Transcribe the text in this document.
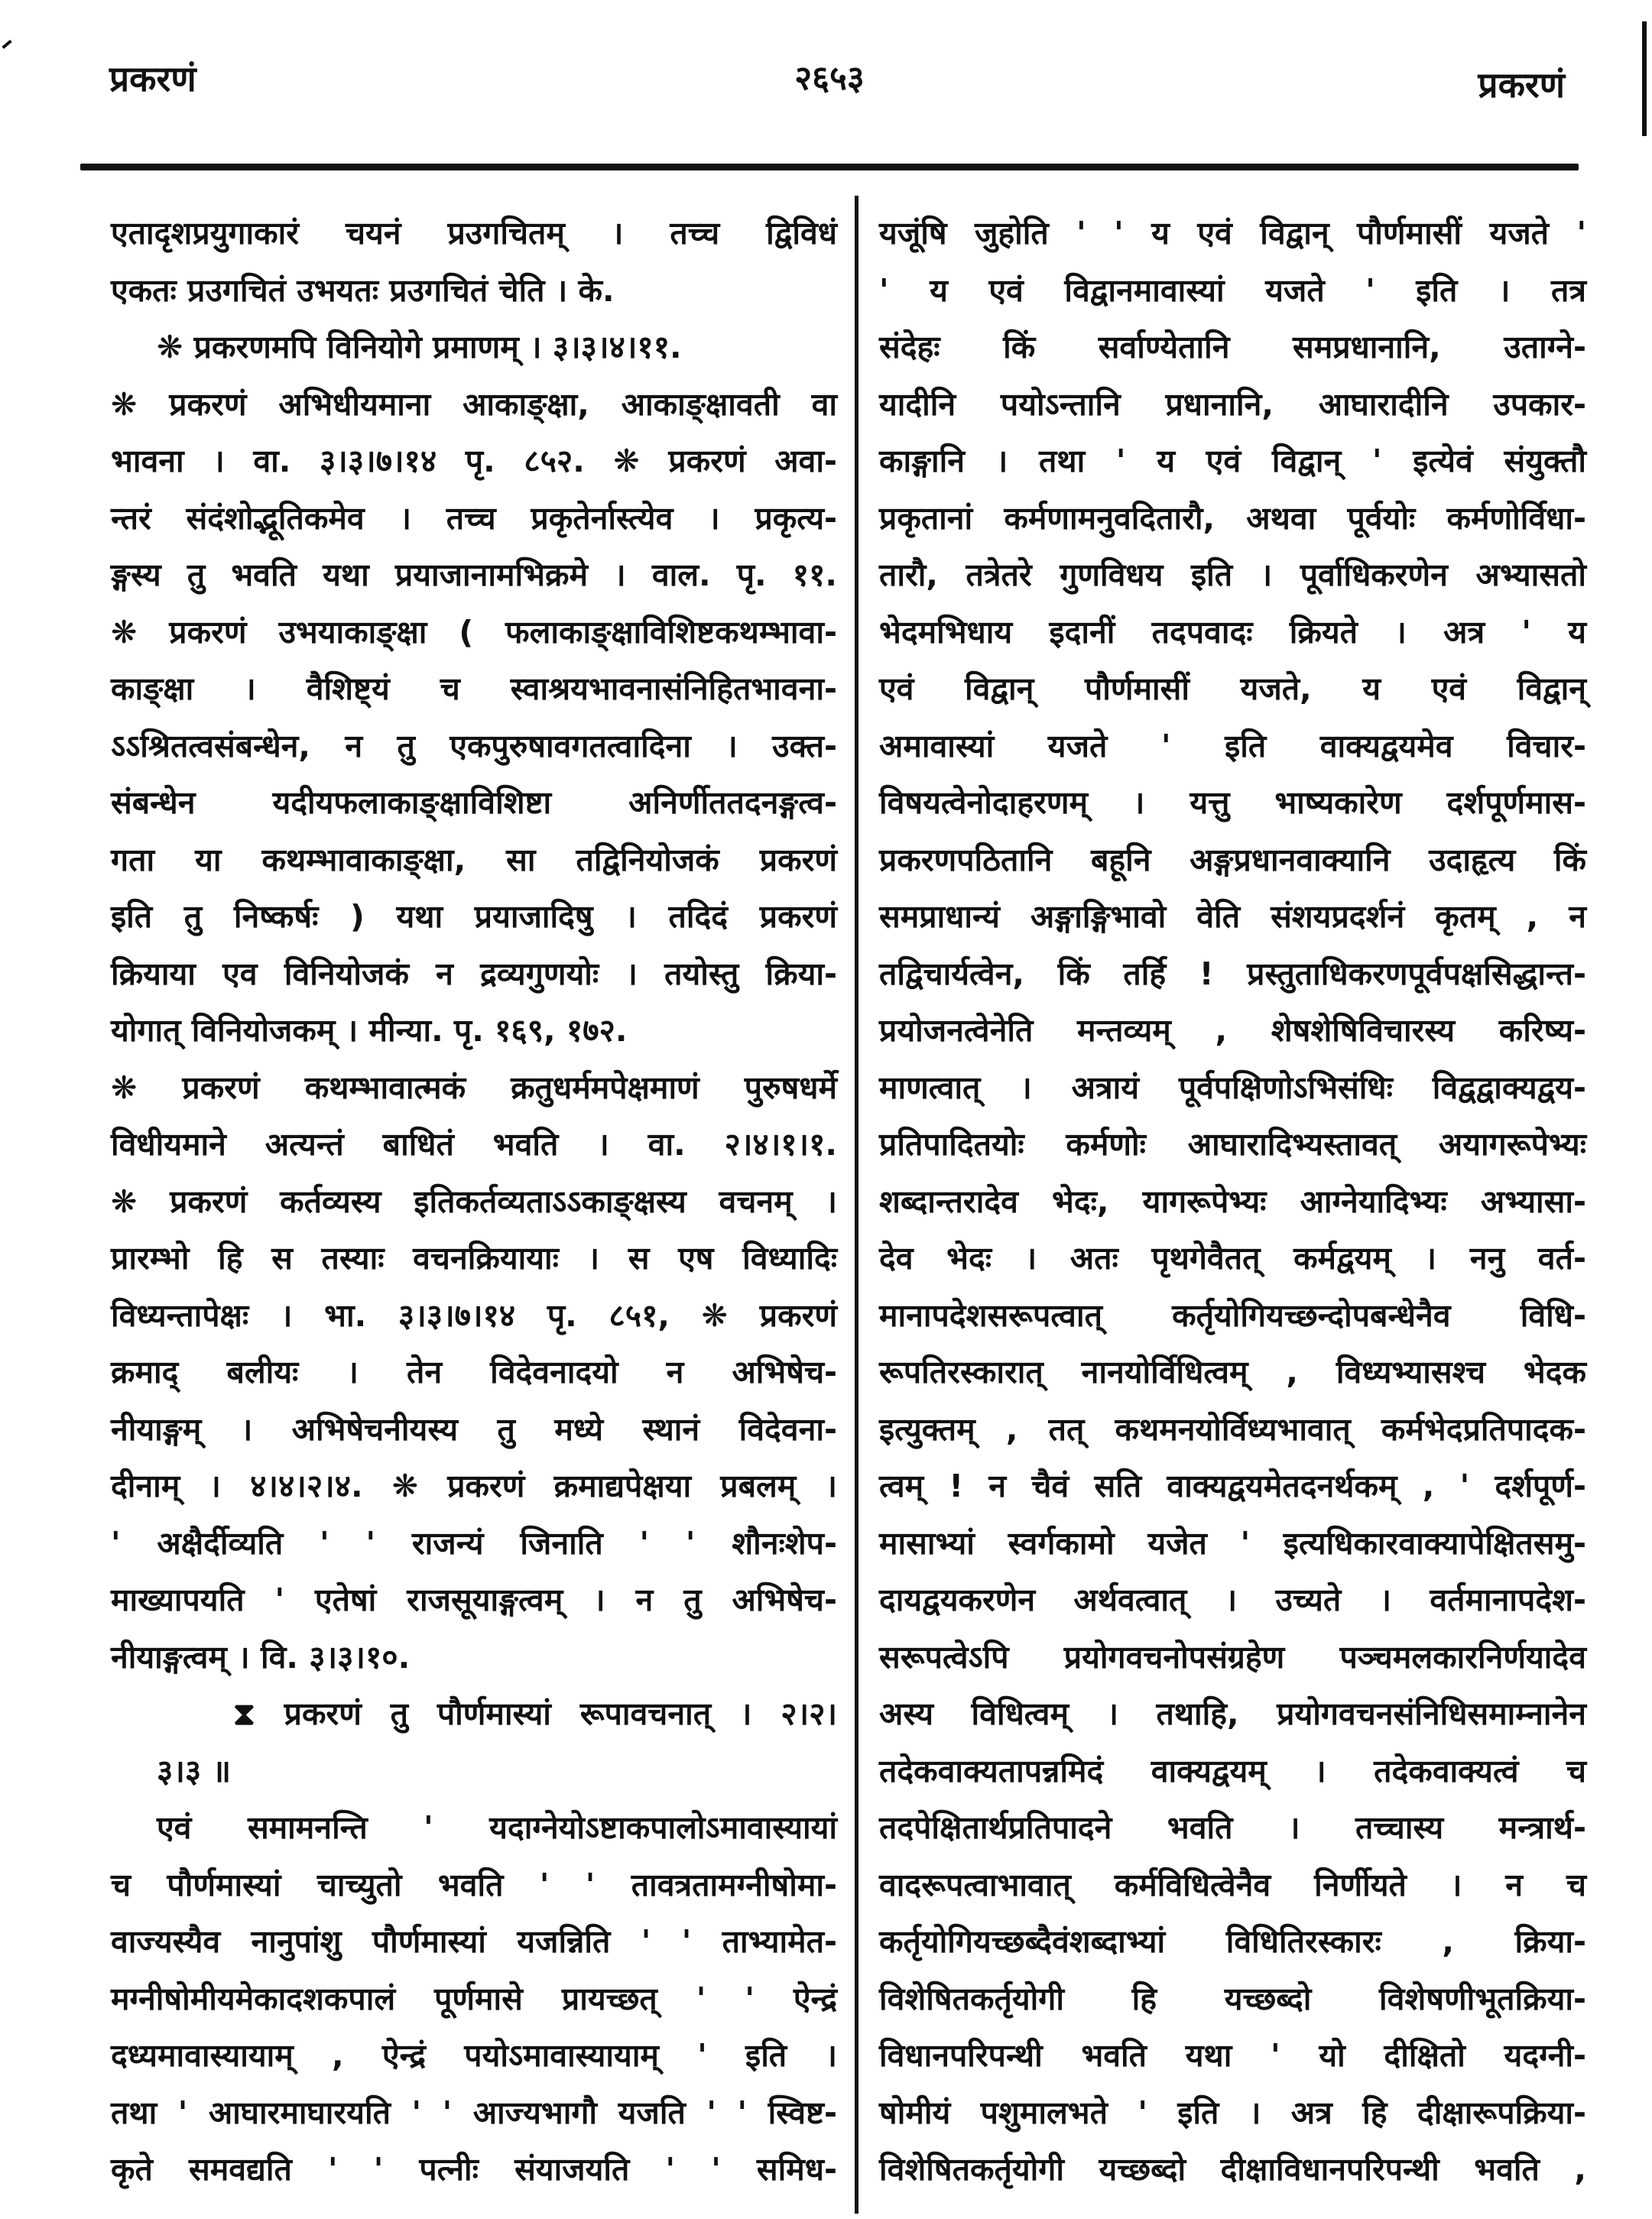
प्रकरणं	२६५३	प्रकरणं
एतादृशप्रयुगाकारं चयनं प्रउगचितम् । तच्च द्विविधं
एकतः प्रउगचितं उभयतः प्रउगचितं चेति । के.
❋ प्रकरणमपि विनियोगे प्रमाणम् । ३।३।४।११.
❋ प्रकरणं अभिधीयमाना आकाङ्क्षा, आकाङ्क्षावती वा
भावना । वा. ३।३।७।१४ पृ. ८५२. ❋ प्रकरणं अवा-
न्तरं संदंशोद्भूतिकमेव । तच्च प्रकृतेर्नास्त्येव । प्रकृत्य-
ङ्गस्य तु भवति यथा प्रयाजानामभिक्रमे । वाल. पृ. ११.
❋ प्रकरणं उभयाकाङ्क्षा ( फलाकाङ्क्षाविशिष्टकथम्भावा-
काङ्क्षा । वैशिष्ट्यं च स्वाश्रयभावनासंनिहितभावना-
ऽऽश्रितत्वसंबन्धेन, न तु एकपुरुषावगतत्वादिना । उक्त-
संबन्धेन यदीयफलाकाङ्क्षाविशिष्टा अनिर्णीततदनङ्गत्व-
गता या कथम्भावाकाङ्क्षा, सा तद्विनियोजकं प्रकरणं
इति तु निष्कर्षः ) यथा प्रयाजादिषु । तदिदं प्रकरणं
क्रियाया एव विनियोजकं न द्रव्यगुणयोः । तयोस्तु क्रिया-
योगात् विनियोजकम् । मीन्या. पृ. १६९, १७२.
❋ प्रकरणं कथम्भावात्मकं क्रतुधर्ममपेक्षमाणं पुरुषधर्मे
विधीयमाने अत्यन्तं बाधितं भवति । वा. २।४।१।१.
❋ प्रकरणं कर्तव्यस्य इतिकर्तव्यताऽऽकाङ्क्षस्य वचनम् ।
प्रारम्भो हि स तस्याः वचनक्रियायाः । स एष विध्यादिः
विध्यन्तापेक्षः । भा. ३।३।७।१४ पृ. ८५१, ❋ प्रकरणं
क्रमाद् बलीयः । तेन विदेवनादयो न अभिषेच-
नीयाङ्गम् । अभिषेचनीयस्य तु मध्ये स्थानं विदेवना-
दीनाम् । ४।४।२।४. ❋ प्रकरणं क्रमाद्यपेक्षया प्रबलम् ।
' अक्षैर्दीव्यति ' ' राजन्यं जिनाति ' ' शौनःशेप-
माख्यापयति ' एतेषां राजसूयाङ्गत्वम् । न तु अभिषेच-
नीयाङ्गत्वम् । वि. ३।३।१०.
⧗ प्रकरणं तु पौर्णमास्यां रूपावचनात् । २।२।
३।३ ॥
एवं समामनन्ति ' यदाग्नेयोऽष्टाकपालोऽमावास्यायां
च पौर्णमास्यां चाच्युतो भवति ' ' तावत्रतामग्नीषोमा-
वाज्यस्यैव नानुपांशु पौर्णमास्यां यजन्निति ' ' ताभ्यामेत-
मग्नीषोमीयमेकादशकपालं पूर्णमासे प्रायच्छत् ' ' ऐन्द्रं
दध्यमावास्यायाम् , ऐन्द्रं पयोऽमावास्यायाम् ' इति ।
तथा ' आघारमाघारयति ' ' आज्यभागौ यजति ' ' स्विष्ट-
कृते समवद्यति ' ' पत्नीः संयाजयति ' ' समिध-
यजूंषि जुहोति ' ' य एवं विद्वान् पौर्णमासीं यजते '
' य एवं विद्वानमावास्यां यजते ' इति । तत्र
संदेहः किं सर्वाण्येतानि समप्रधानानि, उताग्ने-
यादीनि पयोऽन्तानि प्रधानानि, आघारादीनि उपकार-
काङ्गानि । तथा ' य एवं विद्वान् ' इत्येवं संयुक्तौ
प्रकृतानां कर्मणामनुवदितारौ, अथवा पूर्वयोः कर्मणोर्विधा-
तारौ, तत्रेतरे गुणविधय इति । पूर्वाधिकरणेन अभ्यासतो
भेदमभिधाय इदानीं तदपवादः क्रियते । अत्र ' य
एवं विद्वान् पौर्णमासीं यजते, य एवं विद्वान्
अमावास्यां यजते ' इति वाक्यद्वयमेव विचार-
विषयत्वेनोदाहरणम् । यत्तु भाष्यकारेण दर्शपूर्णमास-
प्रकरणपठितानि बहूनि अङ्गप्रधानवाक्यानि उदाहृत्य किं
समप्राधान्यं अङ्गाङ्गिभावो वेति संशयप्रदर्शनं कृतम् , न
तद्विचार्यत्वेन, किं तर्हि ! प्रस्तुताधिकरणपूर्वपक्षसिद्धान्त-
प्रयोजनत्वेनेति मन्तव्यम् , शेषशेषिविचारस्य करिष्य-
माणत्वात् । अत्रायं पूर्वपक्षिणोऽभिसंधिः विद्वद्वाक्यद्वय-
प्रतिपादितयोः कर्मणोः आघारादिभ्यस्तावत् अयागरूपेभ्यः
शब्दान्तरादेव भेदः, यागरूपेभ्यः आग्नेयादिभ्यः अभ्यासा-
देव भेदः । अतः पृथगेवैतत् कर्मद्वयम् । ननु वर्त-
मानापदेशसरूपत्वात् कर्तृयोगियच्छन्दोपबन्धेनैव विधि-
रूपतिरस्कारात् नानयोर्विधित्वम् , विध्यभ्यासश्च भेदक
इत्युक्तम् , तत् कथमनयोर्विध्यभावात् कर्मभेदप्रतिपादक-
त्वम् ! न चैवं सति वाक्यद्वयमेतदनर्थकम् , ' दर्शपूर्ण-
मासाभ्यां स्वर्गकामो यजेत ' इत्यधिकारवाक्यापेक्षितसमु-
दायद्वयकरणेन अर्थवत्वात् । उच्यते । वर्तमानापदेश-
सरूपत्वेऽपि प्रयोगवचनोपसंग्रहेण पञ्चमलकारनिर्णयादेव
अस्य विधित्वम् । तथाहि, प्रयोगवचनसंनिधिसमाम्नानेन
तदेकवाक्यतापन्नमिदं वाक्यद्वयम् । तदेकवाक्यत्वं च
तदपेक्षितार्थप्रतिपादने भवति । तच्चास्य मन्त्रार्थ-
वादरूपत्वाभावात् कर्मविधित्वेनैव निर्णीयते । न च
कर्तृयोगियच्छब्दैवंशब्दाभ्यां विधितिरस्कारः , क्रिया-
विशेषितकर्तृयोगी हि यच्छब्दो विशेषणीभूतक्रिया-
विधानपरिपन्थी भवति यथा ' यो दीक्षितो यदग्नी-
षोमीयं पशुमालभते ' इति । अत्र हि दीक्षारूपक्रिया-
विशेषितकर्तृयोगी यच्छब्दो दीक्षाविधानपरिपन्थी भवति ,
